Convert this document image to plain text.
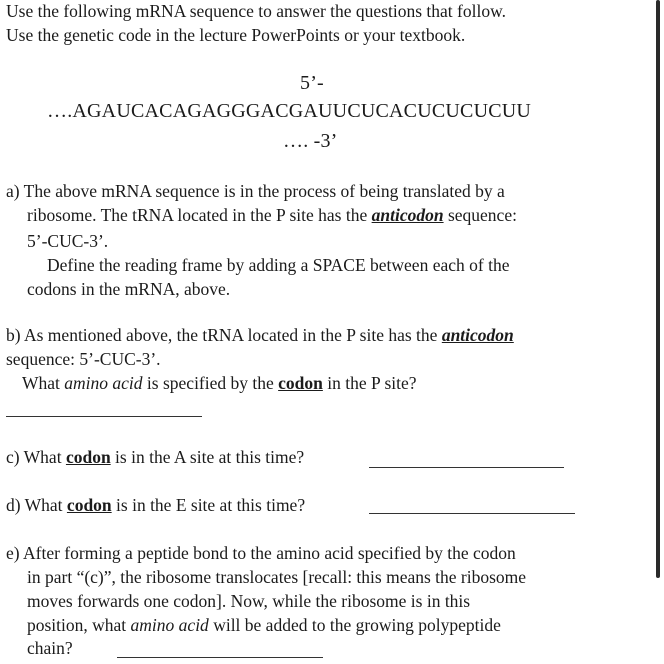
Use the following mRNA sequence to answer the questions that follow.
Use the genetic code in the lecture PowerPoints or your textbook.
5’-
….AGAUCACAGAGGGACGAUUCUCACUCUCUCUU
…. -3’
a) The above mRNA sequence is in the process of being translated by a
ribosome. The tRNA located in the P site has the anticodon sequence:
5’-CUC-3’.
Define the reading frame by adding a SPACE between each of the
codons in the mRNA, above.
b) As mentioned above, the tRNA located in the P site has the anticodon
sequence: 5’-CUC-3’.
What amino acid is specified by the codon in the P site?
c) What codon is in the A site at this time?
d) What codon is in the E site at this time?
e) After forming a peptide bond to the amino acid specified by the codon
in part “(c)”, the ribosome translocates [recall: this means the ribosome
moves forwards one codon]. Now, while the ribosome is in this
position, what amino acid will be added to the growing polypeptide
chain?
